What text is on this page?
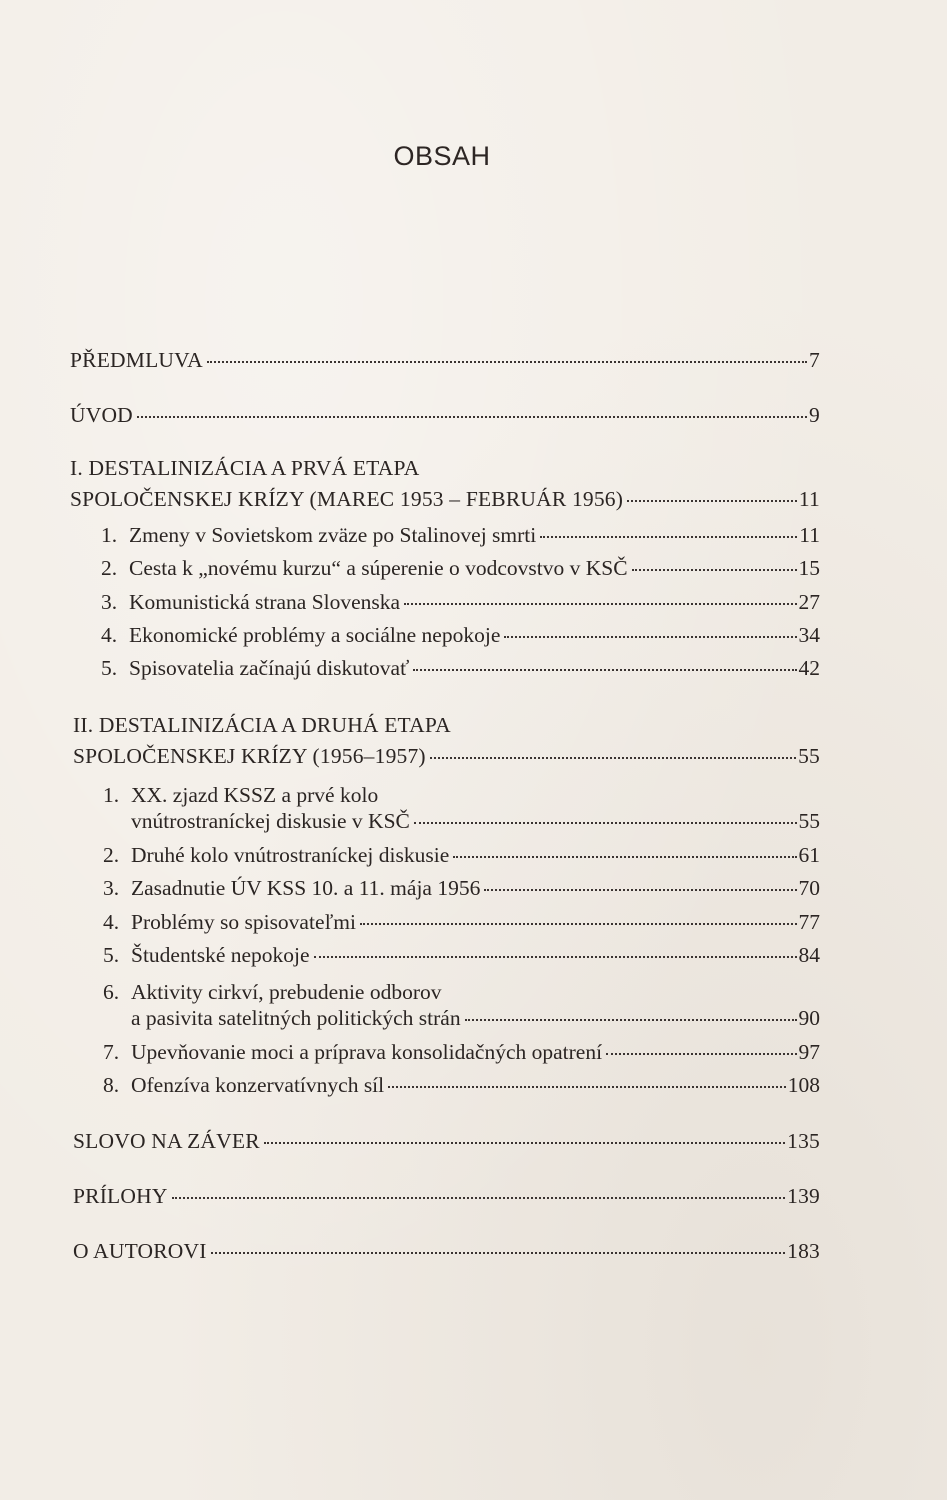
OBSAH
PŘEDMLUVA	7
ÚVOD	9
I. DESTALINIZÁCIA A PRVÁ ETAPA
SPOLOČENSKEJ KRÍZY (MAREC 1953 – FEBRUÁR 1956)	11
1. Zmeny v Sovietskom zväze po Stalinovej smrti	11
2. Cesta k „novému kurzu“ a súperenie o vodcovstvo v KSČ	15
3. Komunistická strana Slovenska	27
4. Ekonomické problémy a sociálne nepokoje	34
5. Spisovatelia začínajú diskutovať	42
II. DESTALINIZÁCIA A DRUHÁ ETAPA
SPOLOČENSKEJ KRÍZY (1956–1957)	55
1. XX. zjazd KSSZ a prvé kolo
vnútrostraníckej diskusie v KSČ	55
2. Druhé kolo vnútrostraníckej diskusie	61
3. Zasadnutie ÚV KSS 10. a 11. mája 1956	70
4. Problémy so spisovateľmi	77
5. Študentské nepokoje	84
6. Aktivity cirkví, prebudenie odborov
a pasivita satelitných politických strán	90
7. Upevňovanie moci a príprava konsolidačných opatrení	97
8. Ofenzíva konzervatívnych síl	108
SLOVO NA ZÁVER	135
PRÍLOHY	139
O AUTOROVI	183
